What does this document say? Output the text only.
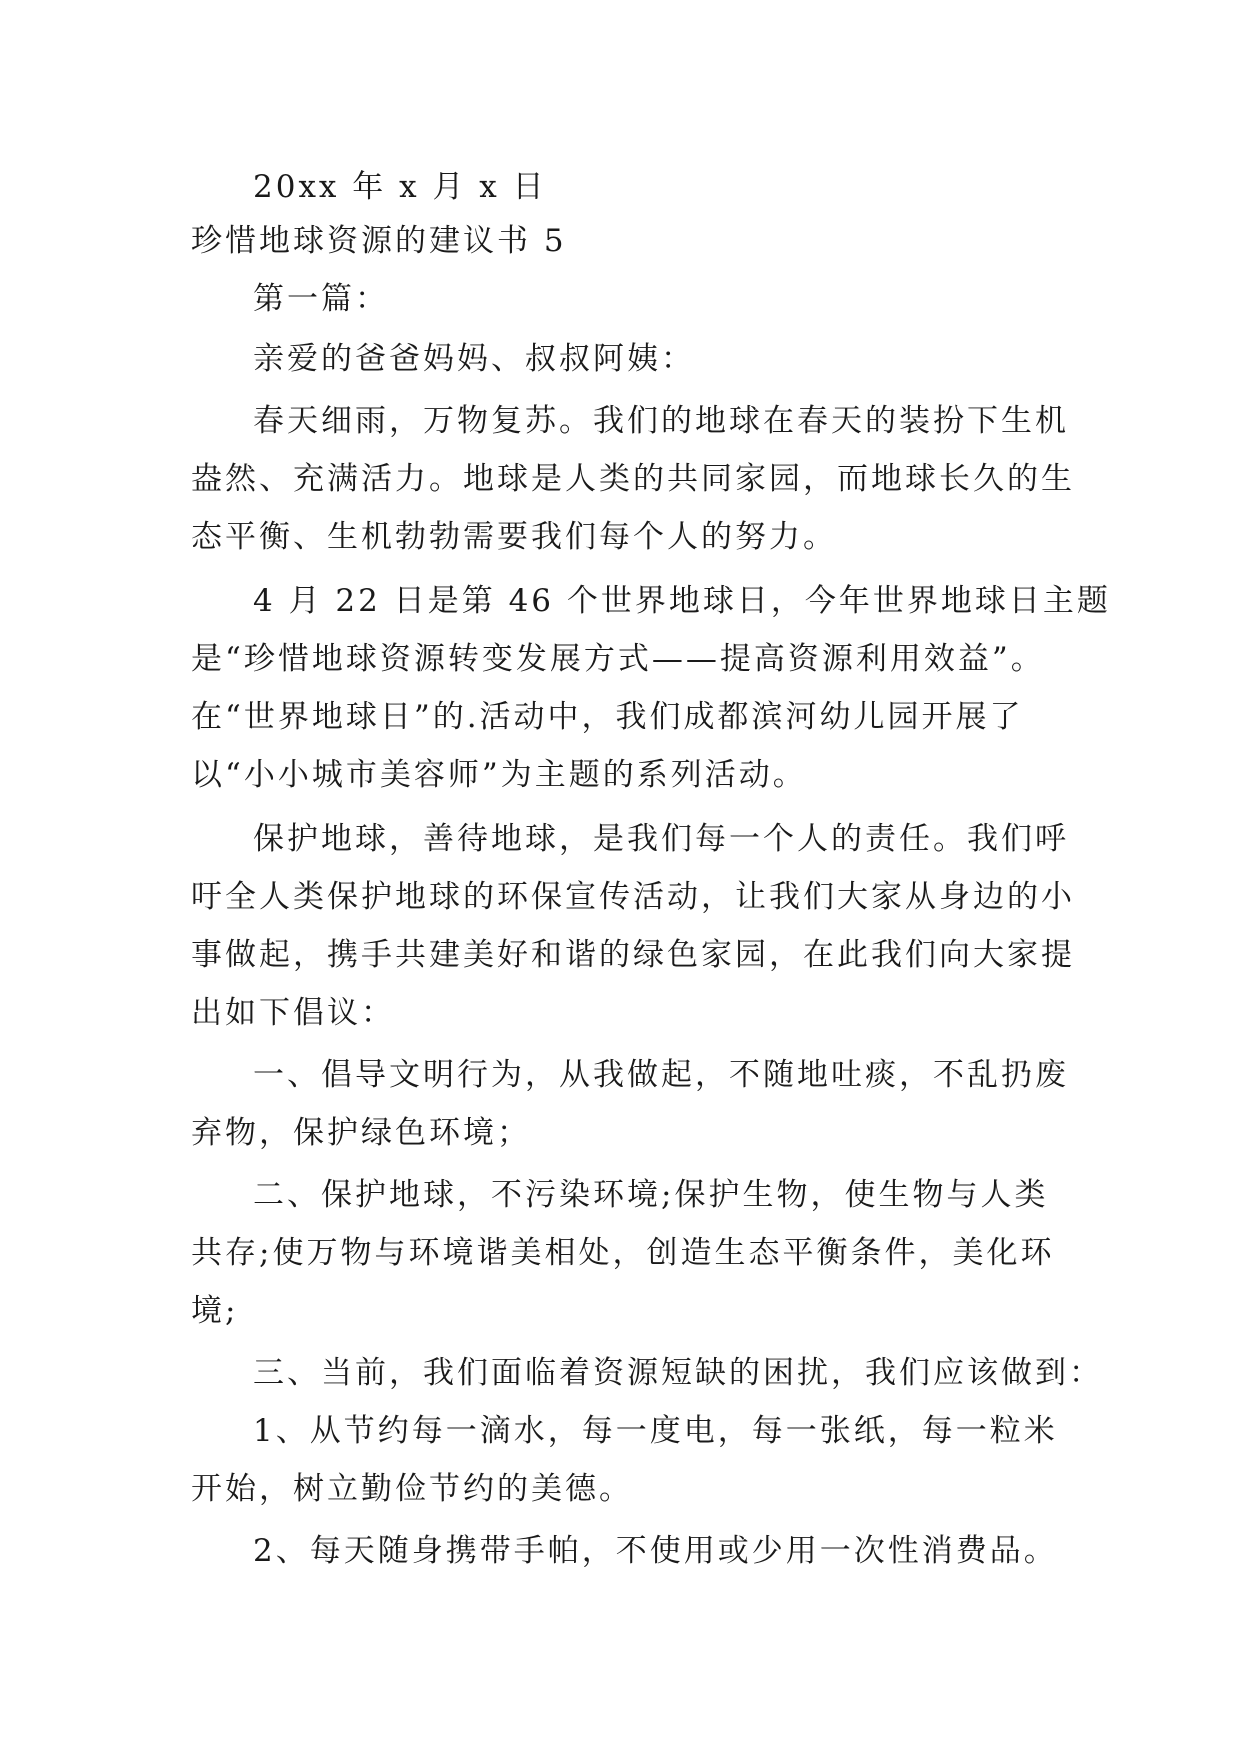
20xx 年 x 月 x 日

珍惜地球资源的建议书 5

第一篇：

亲爱的爸爸妈妈、叔叔阿姨：

春天细雨，万物复苏。我们的地球在春天的装扮下生机
盎然、充满活力。地球是人类的共同家园，而地球长久的生
态平衡、生机勃勃需要我们每个人的努力。
4 月 22 日是第 46 个世界地球日，今年世界地球日主题
是“珍惜地球资源转变发展方式——提高资源利用效益”。
在“世界地球日”的.活动中，我们成都滨河幼儿园开展了
以“小小城市美容师”为主题的系列活动。
保护地球，善待地球，是我们每一个人的责任。我们呼
吁全人类保护地球的环保宣传活动，让我们大家从身边的小
事做起，携手共建美好和谐的绿色家园，在此我们向大家提
出如下倡议：
一、倡导文明行为，从我做起，不随地吐痰，不乱扔废
弃物，保护绿色环境；
二、保护地球，不污染环境;保护生物，使生物与人类
共存;使万物与环境谐美相处，创造生态平衡条件，美化环
境;
三、当前，我们面临着资源短缺的困扰，我们应该做到：
1、从节约每一滴水，每一度电，每一张纸，每一粒米
开始，树立勤俭节约的美德。
2、每天随身携带手帕，不使用或少用一次性消费品。
